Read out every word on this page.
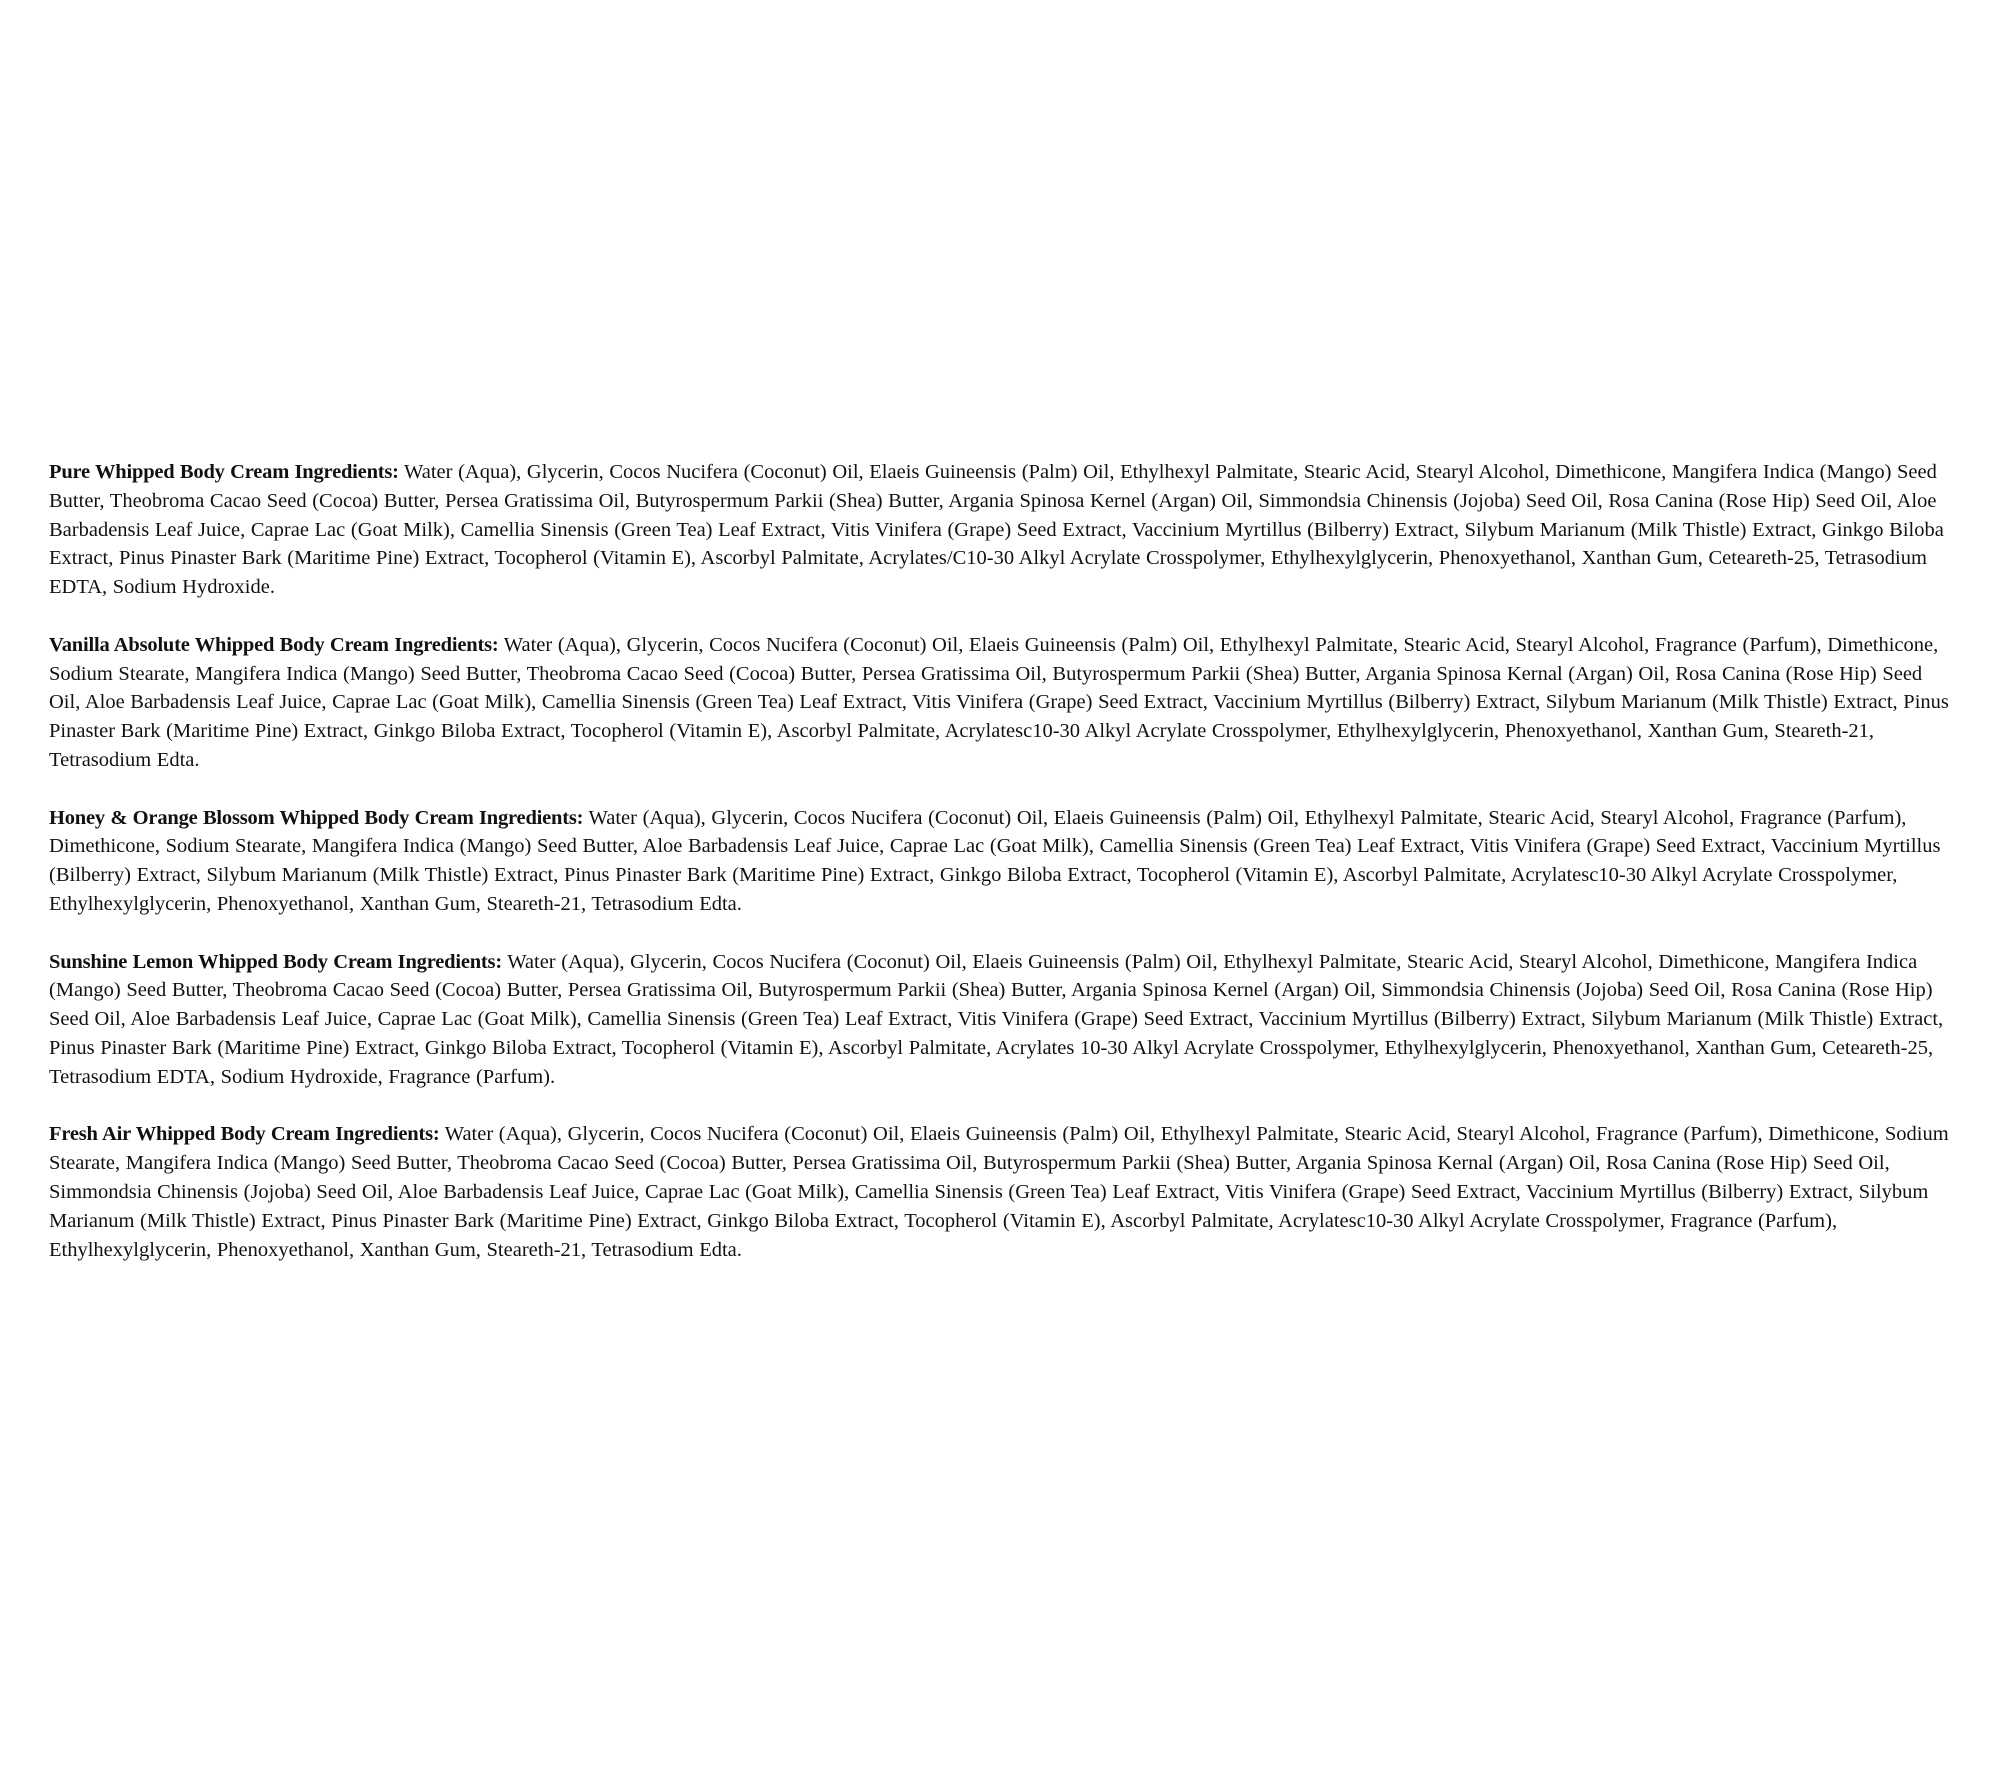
Pure Whipped Body Cream Ingredients: Water (Aqua), Glycerin, Cocos Nucifera (Coconut) Oil, Elaeis Guineensis (Palm) Oil, Ethylhexyl Palmitate, Stearic Acid, Stearyl Alcohol, Dimethicone, Mangifera Indica (Mango) Seed Butter, Theobroma Cacao Seed (Cocoa) Butter, Persea Gratissima Oil, Butyrospermum Parkii (Shea) Butter, Argania Spinosa Kernel (Argan) Oil, Simmondsia Chinensis (Jojoba) Seed Oil, Rosa Canina (Rose Hip) Seed Oil, Aloe Barbadensis Leaf Juice, Caprae Lac (Goat Milk), Camellia Sinensis (Green Tea) Leaf Extract, Vitis Vinifera (Grape) Seed Extract, Vaccinium Myrtillus (Bilberry) Extract, Silybum Marianum (Milk Thistle) Extract, Ginkgo Biloba Extract, Pinus Pinaster Bark (Maritime Pine) Extract, Tocopherol (Vitamin E), Ascorbyl Palmitate, Acrylates/C10-30 Alkyl Acrylate Crosspolymer, Ethylhexylglycerin, Phenoxyethanol, Xanthan Gum, Ceteareth-25, Tetrasodium EDTA, Sodium Hydroxide.

Vanilla Absolute Whipped Body Cream Ingredients: Water (Aqua), Glycerin, Cocos Nucifera (Coconut) Oil, Elaeis Guineensis (Palm) Oil, Ethylhexyl Palmitate, Stearic Acid, Stearyl Alcohol, Fragrance (Parfum), Dimethicone, Sodium Stearate, Mangifera Indica (Mango) Seed Butter, Theobroma Cacao Seed (Cocoa) Butter, Persea Gratissima Oil, Butyrospermum Parkii (Shea) Butter, Argania Spinosa Kernal (Argan) Oil, Rosa Canina (Rose Hip) Seed Oil, Aloe Barbadensis Leaf Juice, Caprae Lac (Goat Milk), Camellia Sinensis (Green Tea) Leaf Extract, Vitis Vinifera (Grape) Seed Extract, Vaccinium Myrtillus (Bilberry) Extract, Silybum Marianum (Milk Thistle) Extract, Pinus Pinaster Bark (Maritime Pine) Extract, Ginkgo Biloba Extract, Tocopherol (Vitamin E), Ascorbyl Palmitate, Acrylatesc10-30 Alkyl Acrylate Crosspolymer, Ethylhexylglycerin, Phenoxyethanol, Xanthan Gum, Steareth-21, Tetrasodium Edta.

Honey & Orange Blossom Whipped Body Cream Ingredients: Water (Aqua), Glycerin, Cocos Nucifera (Coconut) Oil, Elaeis Guineensis (Palm) Oil, Ethylhexyl Palmitate, Stearic Acid, Stearyl Alcohol, Fragrance (Parfum), Dimethicone, Sodium Stearate, Mangifera Indica (Mango) Seed Butter, Aloe Barbadensis Leaf Juice, Caprae Lac (Goat Milk), Camellia Sinensis (Green Tea) Leaf Extract, Vitis Vinifera (Grape) Seed Extract, Vaccinium Myrtillus (Bilberry) Extract, Silybum Marianum (Milk Thistle) Extract, Pinus Pinaster Bark (Maritime Pine) Extract, Ginkgo Biloba Extract, Tocopherol (Vitamin E), Ascorbyl Palmitate, Acrylatesc10-30 Alkyl Acrylate Crosspolymer, Ethylhexylglycerin, Phenoxyethanol, Xanthan Gum, Steareth-21, Tetrasodium Edta.

Sunshine Lemon Whipped Body Cream Ingredients: Water (Aqua), Glycerin, Cocos Nucifera (Coconut) Oil, Elaeis Guineensis (Palm) Oil, Ethylhexyl Palmitate, Stearic Acid, Stearyl Alcohol, Dimethicone, Mangifera Indica (Mango) Seed Butter, Theobroma Cacao Seed (Cocoa) Butter, Persea Gratissima Oil, Butyrospermum Parkii (Shea) Butter, Argania Spinosa Kernel (Argan) Oil, Simmondsia Chinensis (Jojoba) Seed Oil, Rosa Canina (Rose Hip) Seed Oil, Aloe Barbadensis Leaf Juice, Caprae Lac (Goat Milk), Camellia Sinensis (Green Tea) Leaf Extract, Vitis Vinifera (Grape) Seed Extract, Vaccinium Myrtillus (Bilberry) Extract, Silybum Marianum (Milk Thistle) Extract, Pinus Pinaster Bark (Maritime Pine) Extract, Ginkgo Biloba Extract, Tocopherol (Vitamin E), Ascorbyl Palmitate, Acrylates 10-30 Alkyl Acrylate Crosspolymer, Ethylhexylglycerin, Phenoxyethanol, Xanthan Gum, Ceteareth-25, Tetrasodium EDTA, Sodium Hydroxide, Fragrance (Parfum).

Fresh Air Whipped Body Cream Ingredients: Water (Aqua), Glycerin, Cocos Nucifera (Coconut) Oil, Elaeis Guineensis (Palm) Oil, Ethylhexyl Palmitate, Stearic Acid, Stearyl Alcohol, Fragrance (Parfum), Dimethicone, Sodium Stearate, Mangifera Indica (Mango) Seed Butter, Theobroma Cacao Seed (Cocoa) Butter, Persea Gratissima Oil, Butyrospermum Parkii (Shea) Butter, Argania Spinosa Kernal (Argan) Oil, Rosa Canina (Rose Hip) Seed Oil, Simmondsia Chinensis (Jojoba) Seed Oil, Aloe Barbadensis Leaf Juice, Caprae Lac (Goat Milk), Camellia Sinensis (Green Tea) Leaf Extract, Vitis Vinifera (Grape) Seed Extract, Vaccinium Myrtillus (Bilberry) Extract, Silybum Marianum (Milk Thistle) Extract, Pinus Pinaster Bark (Maritime Pine) Extract, Ginkgo Biloba Extract, Tocopherol (Vitamin E), Ascorbyl Palmitate, Acrylatesc10-30 Alkyl Acrylate Crosspolymer, Fragrance (Parfum), Ethylhexylglycerin, Phenoxyethanol, Xanthan Gum, Steareth-21, Tetrasodium Edta.
